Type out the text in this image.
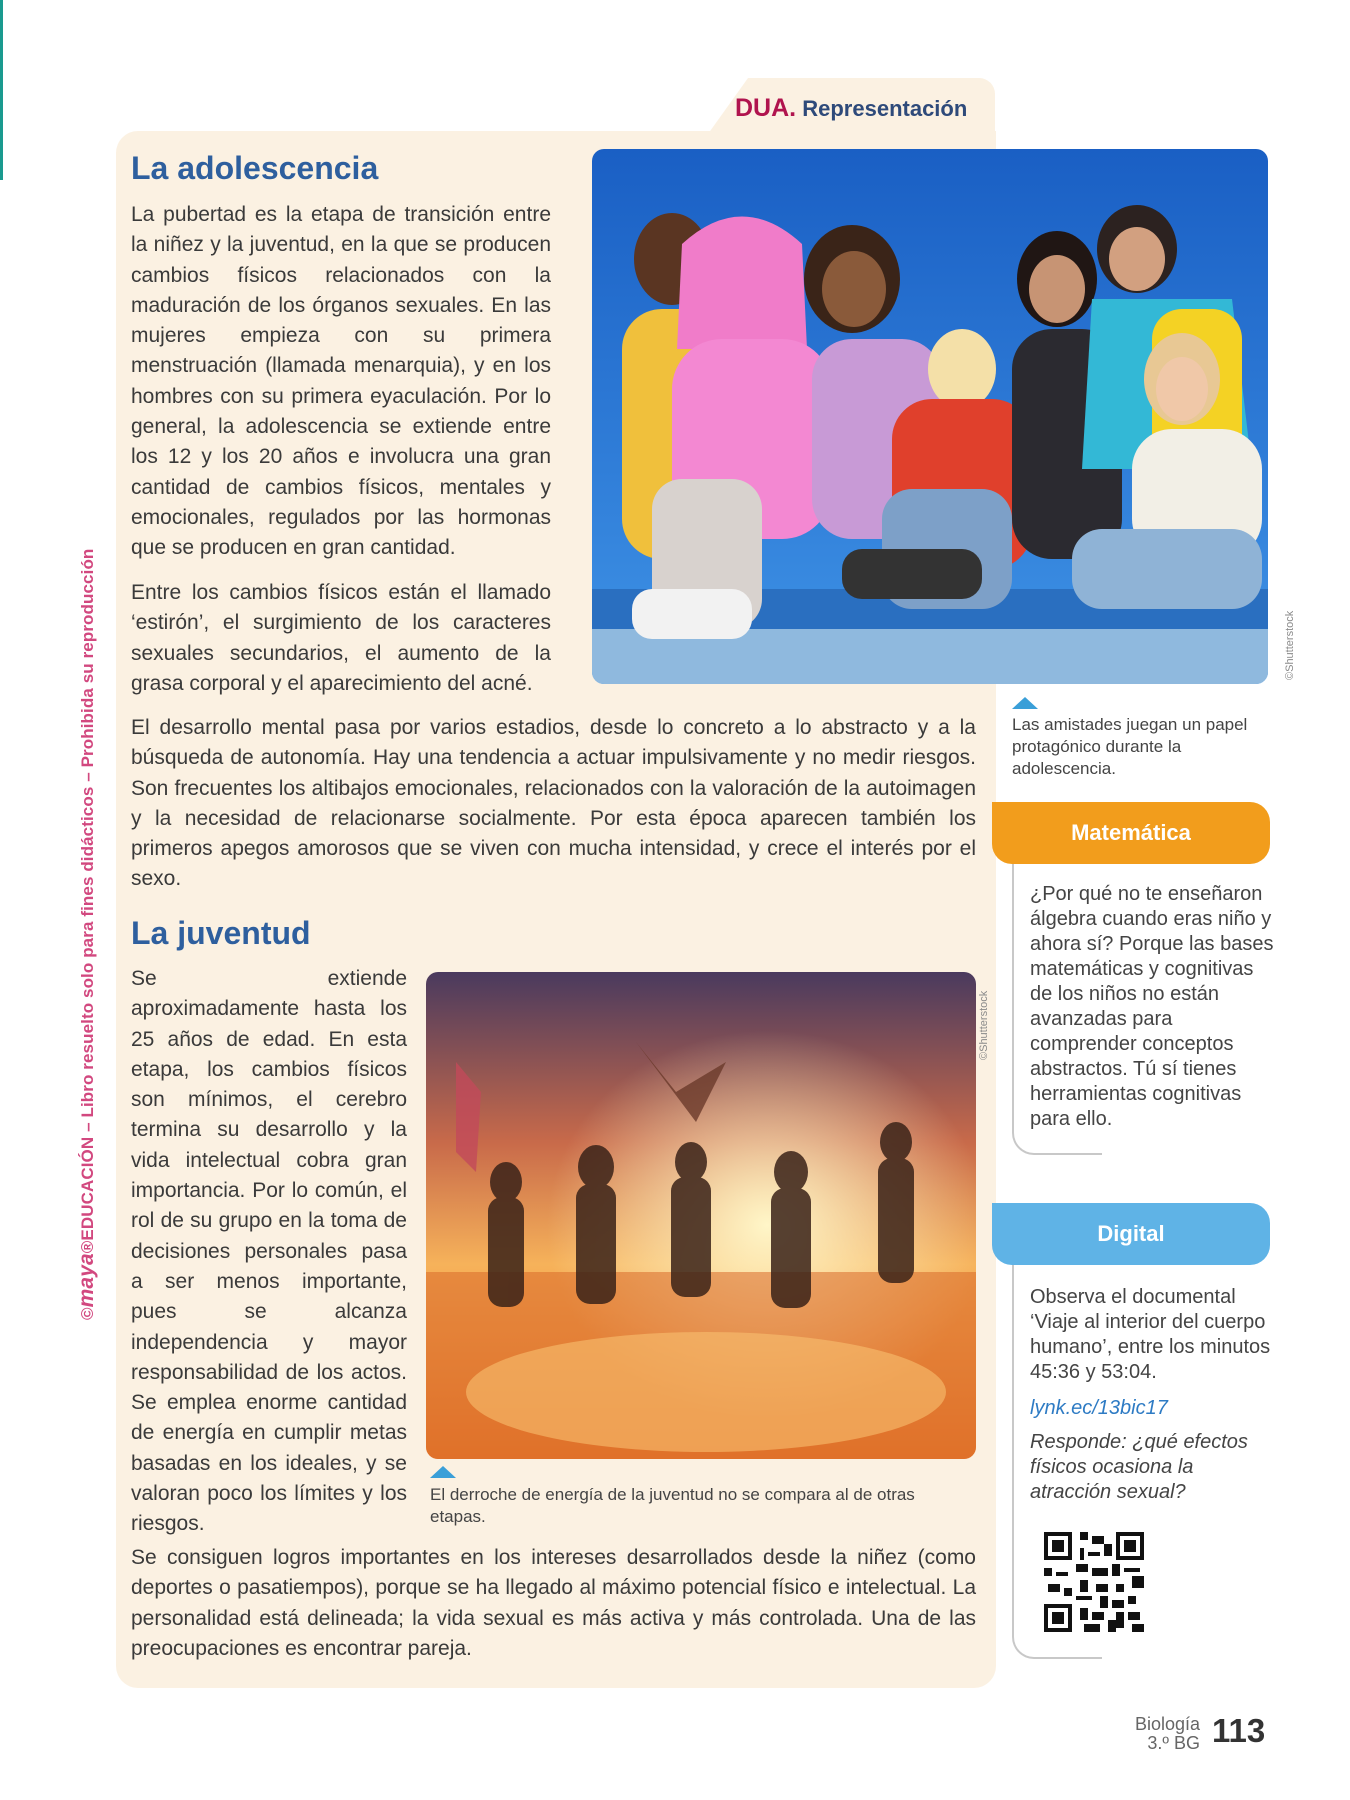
©maya®EDUCACIÓN – Libro resuelto solo para fines didácticos – Prohibida su reproducción
DUA. Representación
La adolescencia
La pubertad es la etapa de transición entre la niñez y la juventud, en la que se producen cambios físicos relacionados con la maduración de los órganos sexuales. En las mujeres empieza con su primera menstruación (llamada menarquia), y en los hombres con su primera eyaculación. Por lo general, la adolescencia se extiende entre los 12 y los 20 años e involucra una gran cantidad de cambios físicos, mentales y emocionales, regulados por las hormonas que se producen en gran cantidad.
Entre los cambios físicos están el llamado ‘estirón’, el surgimiento de los caracteres sexuales secundarios, el aumento de la grasa corporal y el aparecimiento del acné.
©Shutterstock
Las amistades juegan un papel protagónico durante la adolescencia.
El desarrollo mental pasa por varios estadios, desde lo concreto a lo abstracto y a la búsqueda de autonomía. Hay una tendencia a actuar impulsivamente y no medir riesgos. Son frecuentes los altibajos emocionales, relacionados con la valoración de la autoimagen y la necesidad de relacionarse socialmente. Por esta época aparecen también los primeros apegos amorosos que se viven con mucha intensidad, y crece el interés por el sexo.
La juventud
Se extiende aproximadamente hasta los 25 años de edad. En esta etapa, los cambios físicos son mínimos, el cerebro termina su desarrollo y la vida intelectual cobra gran importancia. Por lo común, el rol de su grupo en la toma de decisiones personales pasa a ser menos importante, pues se alcanza independencia y mayor responsabilidad de los actos. Se emplea enorme cantidad de energía en cumplir metas basadas en los ideales, y se valoran poco los límites y los riesgos.
©Shutterstock
El derroche de energía de la juventud no se compara al de otras etapas.
Se consiguen logros importantes en los intereses desarrollados desde la niñez (como deportes o pasatiempos), porque se ha llegado al máximo potencial físico e intelectual. La personalidad está delineada; la vida sexual es más activa y más controlada. Una de las preocupaciones es encontrar pareja.
Matemática
¿Por qué no te enseñaron álgebra cuando eras niño y ahora sí? Porque las bases matemáticas y cognitivas de los niños no están avanzadas para comprender conceptos abstractos. Tú sí tienes herramientas cognitivas para ello.
Digital
Observa el documental ‘Viaje al interior del cuerpo humano’, entre los minutos 45:36 y 53:04.
lynk.ec/13bic17
Responde: ¿qué efectos físicos ocasiona la atracción sexual?
Biología
3.º BG 113
